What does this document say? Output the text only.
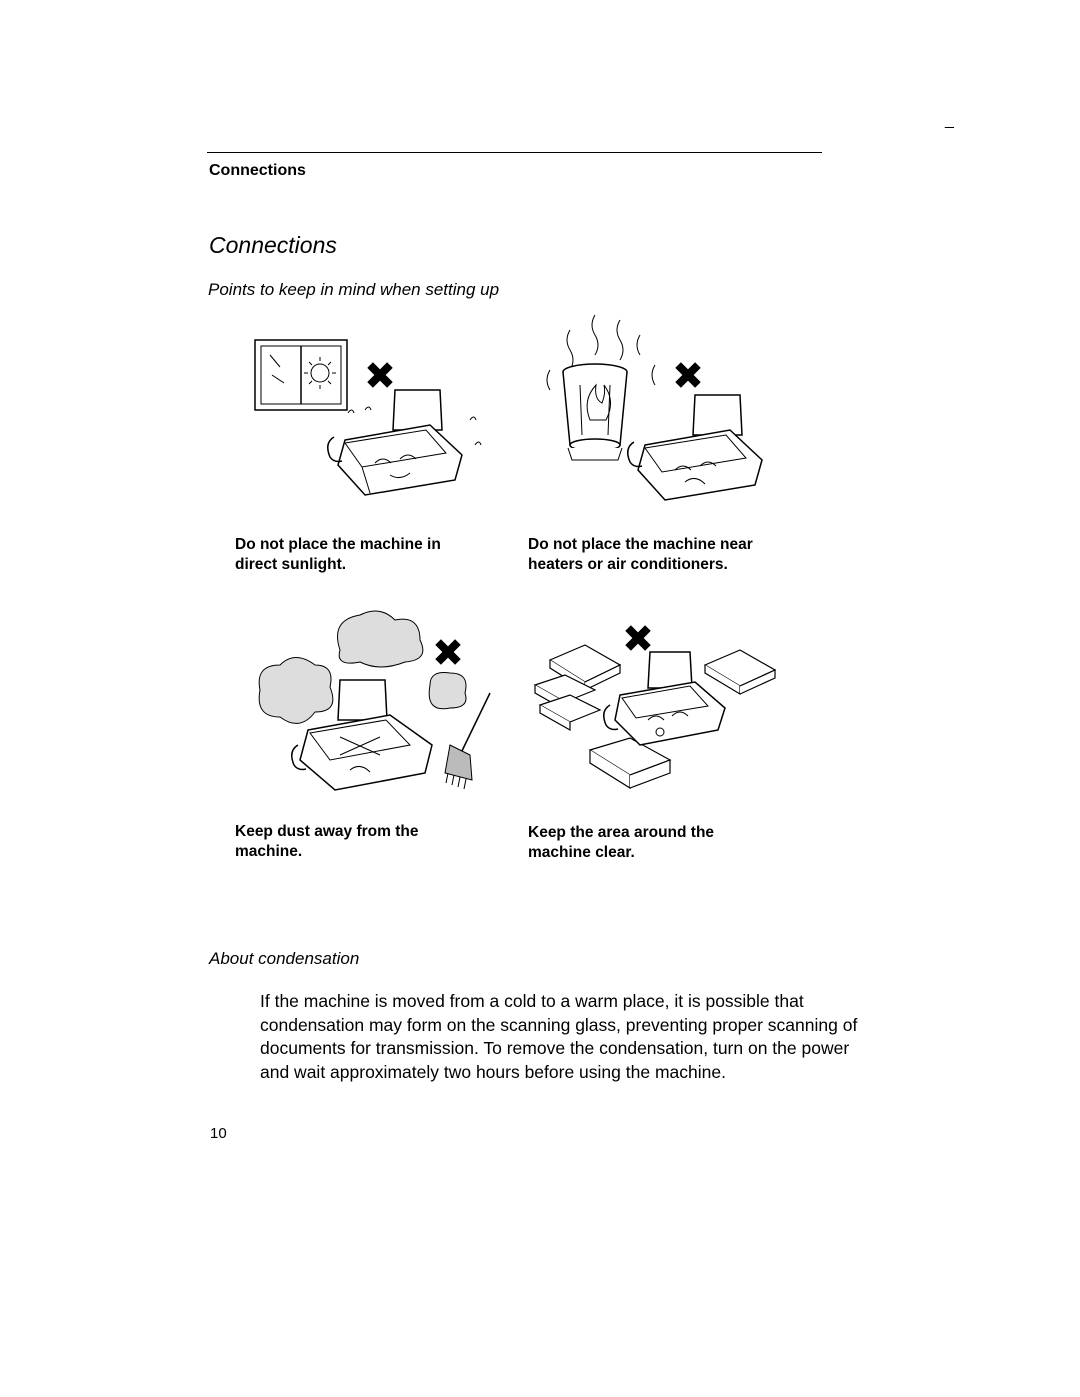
_
Connections
Connections
Points to keep in mind when setting up
Do not place the machine in
direct sunlight.
Do not place the machine near
heaters or air conditioners.
Keep dust away from the
machine.
Keep the area around the
machine clear.
About condensation
If the machine is moved from a cold to a warm place, it is possible that condensation may form on the scanning glass, preventing proper scanning of documents for transmission. To remove the condensation, turn on the power and wait approximately two hours before using the machine.
10
